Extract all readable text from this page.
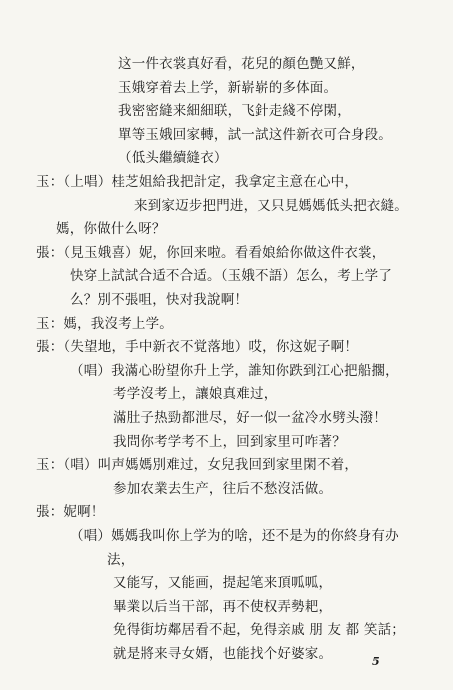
这一件衣裳真好看，花兒的顏色艷又鮮，
玉娥穿着去上学，新崭崭的多体面。
我密密縫来細細联，飞針走綫不停閑，
單等玉娥回家轉，試一試这件新衣可合身段。
（低头繼續縫衣）
玉：（上唱）桂芝姐給我把計定，我拿定主意在心中，
来到家迈步把門进，又只見媽媽低头把衣縫。
媽，你做什么呀？
張：（見玉娥喜）妮，你回来啦。看看娘給你做这件衣裳，
快穿上試試合适不合适。（玉娥不語）怎么，考上学了
么？別不張咀，快对我說啊！
玉：媽，我沒考上学。
張：（失望地，手中新衣不覚落地）哎，你这妮子啊！
（唱）我滿心盼望你升上学，誰知你跌到江心把船擱，
考学沒考上，讓娘真难过，
滿肚子热勁都泄尽，好一似一盆冷水劈头潑！
我問你考学考不上，回到家里可咋著？
玉：（唱）叫声媽媽別难过，女兒我回到家里閑不着，
参加农業去生产，往后不愁沒活做。
張：妮啊！
（唱）媽媽我叫你上学为的啥，还不是为的你終身有办
法，
又能写，又能画，提起笔来頂呱呱，
畢業以后当干部，再不使权弄勢耙，
免得街坊鄰居看不起，免得亲戚 朋 友 都 笑話；
就是將来寻女婿，也能找个好婆家。	5
